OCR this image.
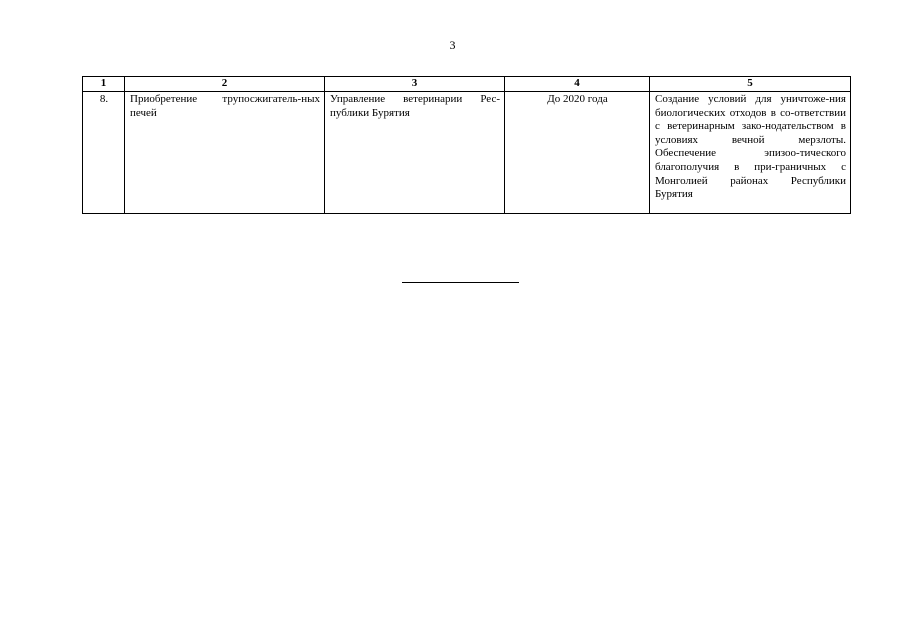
3
1	2	3	4	5
8.	Приобретение трупосжигатель-ных печей	Управление ветеринарии Рес-публики Бурятия	До 2020 года	Создание условий для уничтоже-ния биологических отходов в со-ответствии с ветеринарным зако-нодательством в условиях вечной мерзлоты. Обеспечение эпизоо-тического благополучия в при-граничных с Монголией районах Республики Бурятия
